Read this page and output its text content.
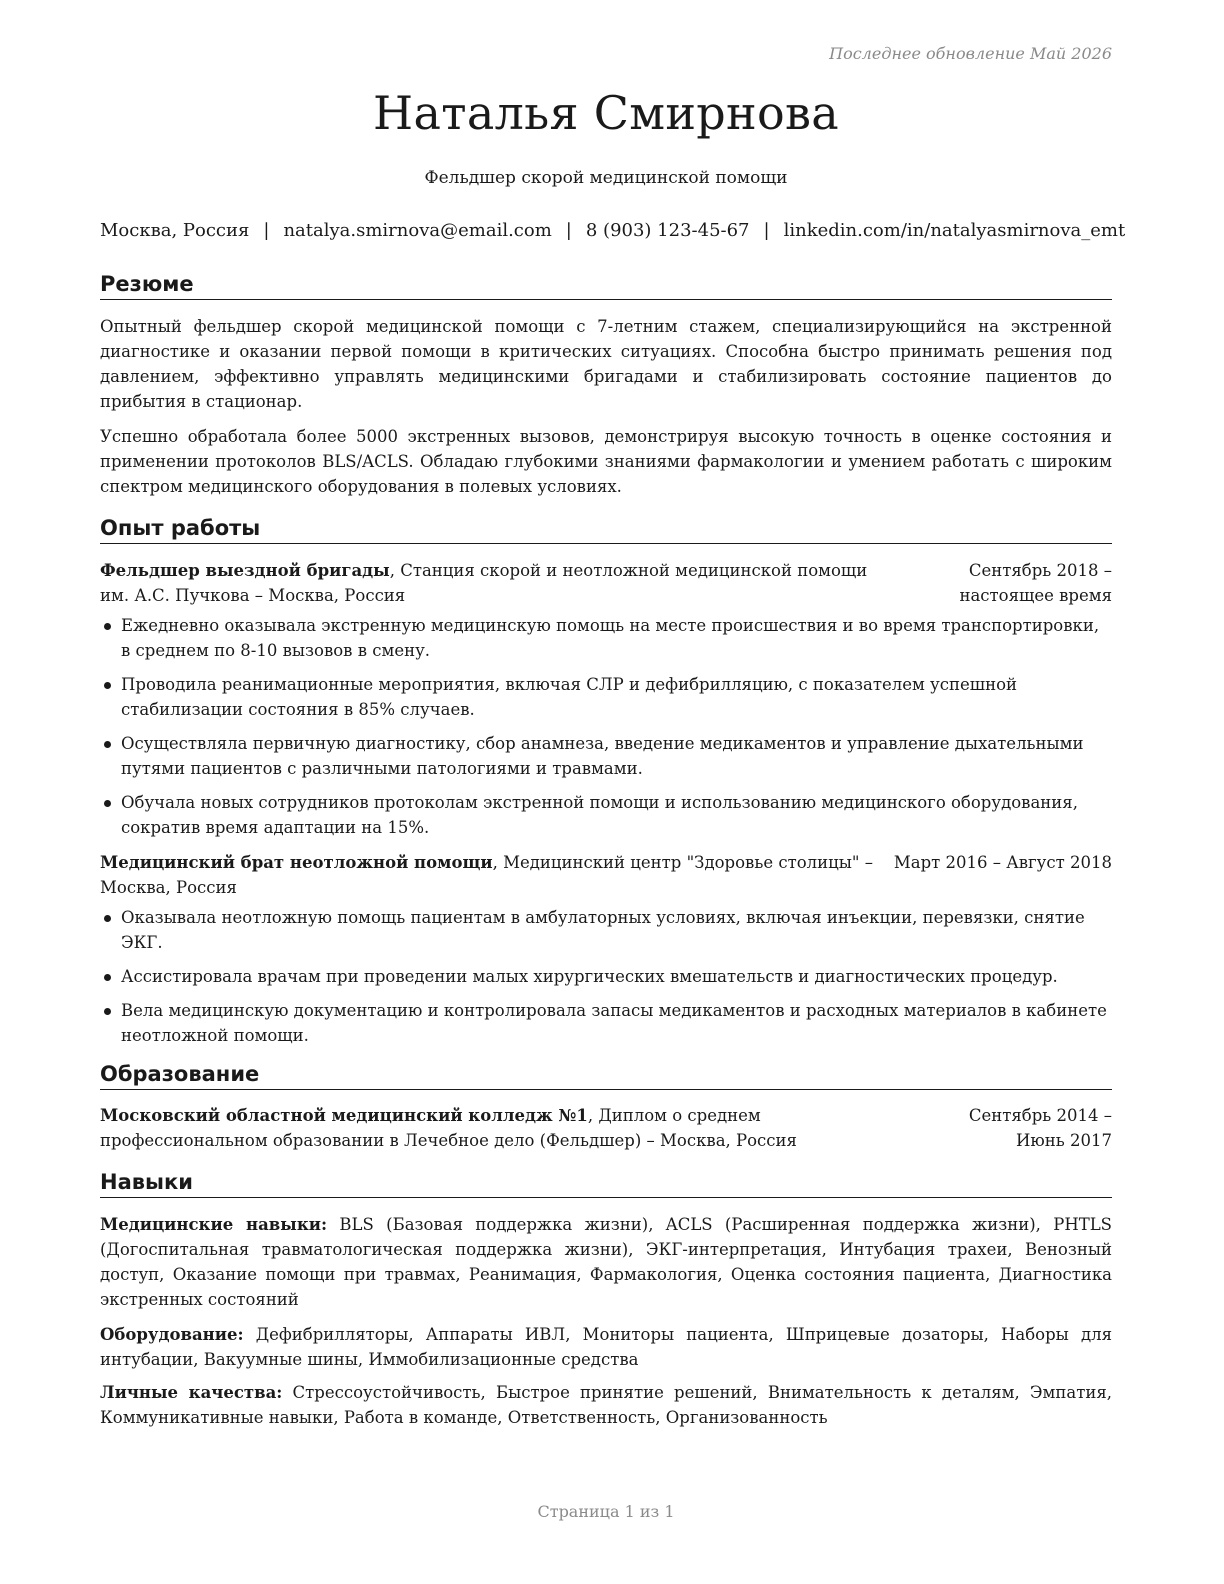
Последнее обновление Май 2026
Наталья Смирнова
Фельдшер скорой медицинской помощи
Москва, Россия | natalya.smirnova@email.com | 8 (903) 123-45-67 | linkedin.com/in/natalyasmirnova_emt
Резюме

Опытный фельдшер скорой медицинской помощи с 7-летним стажем, специализирующийся на экстренной диагностике и оказании первой помощи в критических ситуациях. Способна быстро принимать решения под давлением, эффективно управлять медицинскими бригадами и стабилизировать состояние пациентов до прибытия в стационар.

Успешно обработала более 5000 экстренных вызовов, демонстрируя высокую точность в оценке состояния и применении протоколов BLS/ACLS. Обладаю глубокими знаниями фармакологии и умением работать с широким спектром медицинского оборудования в полевых условиях.

Опыт работы
Фельдшер выездной бригады, Станция скорой и неотложной медицинской помощи им. А.С. Пучкова – Москва, Россия
Сентябрь 2018 – настоящее время
Ежедневно оказывала экстренную медицинскую помощь на месте происшествия и во время транспортировки, в среднем по 8-10 вызовов в смену.
Проводила реанимационные мероприятия, включая СЛР и дефибрилляцию, с показателем успешной стабилизации состояния в 85% случаев.
Осуществляла первичную диагностику, сбор анамнеза, введение медикаментов и управление дыхательными путями пациентов с различными патологиями и травмами.
Обучала новых сотрудников протоколам экстренной помощи и использованию медицинского оборудования, сократив время адаптации на 15%.
Медицинский брат неотложной помощи, Медицинский центр "Здоровье столицы" – Москва, Россия
Март 2016 – Август 2018
Оказывала неотложную помощь пациентам в амбулаторных условиях, включая инъекции, перевязки, снятие ЭКГ.
Ассистировала врачам при проведении малых хирургических вмешательств и диагностических процедур.
Вела медицинскую документацию и контролировала запасы медикаментов и расходных материалов в кабинете неотложной помощи.
Образование
Московский областной медицинский колледж №1, Диплом о среднем профессиональном образовании в Лечебное дело (Фельдшер) – Москва, Россия
Сентябрь 2014 – Июнь 2017
Навыки

Медицинские навыки: BLS (Базовая поддержка жизни), ACLS (Расширенная поддержка жизни), PHTLS (Догоспитальная травматологическая поддержка жизни), ЭКГ-интерпретация, Интубация трахеи, Венозный доступ, Оказание помощи при травмах, Реанимация, Фармакология, Оценка состояния пациента, Диагностика экстренных состояний

Оборудование: Дефибрилляторы, Аппараты ИВЛ, Мониторы пациента, Шприцевые дозаторы, Наборы для интубации, Вакуумные шины, Иммобилизационные средства

Личные качества: Стрессоустойчивость, Быстрое принятие решений, Внимательность к деталям, Эмпатия, Коммуникативные навыки, Работа в команде, Ответственность, Организованность

Страница 1 из 1
